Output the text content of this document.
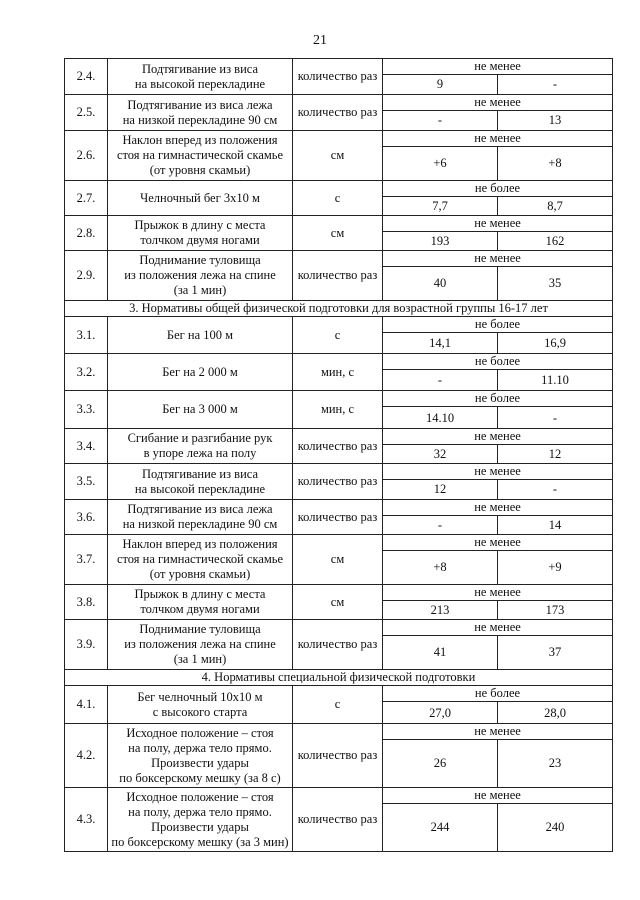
21
2.4.	Подтягивание из виса
на высокой перекладине	количество раз	не менее	
			9	-
2.5.	Подтягивание из виса лежа
на низкой перекладине 90 см	количество раз	не менее	
			-	13
2.6.	Наклон вперед из положения
стоя на гимнастической скамье
(от уровня скамьи)	см	не менее	
			+6	+8
2.7.	Челночный бег 3х10 м	с	не более	
			7,7	8,7
2.8.	Прыжок в длину с места
толчком двумя ногами	см	не менее	
			193	162
2.9.	Поднимание туловища
из положения лежа на спине
(за 1 мин)	количество раз	не менее	
			40	35
3. Нормативы общей физической подготовки для возрастной группы 16-17 лет				
3.1.	Бег на 100 м	с	не более	
			14,1	16,9
3.2.	Бег на 2 000 м	мин, с	не более	
			-	11.10
3.3.	Бег на 3 000 м	мин, с	не более	
			14.10	-
3.4.	Сгибание и разгибание рук
в упоре лежа на полу	количество раз	не менее	
			32	12
3.5.	Подтягивание из виса
на высокой перекладине	количество раз	не менее	
			12	-
3.6.	Подтягивание из виса лежа
на низкой перекладине 90 см	количество раз	не менее	
			-	14
3.7.	Наклон вперед из положения
стоя на гимнастической скамье
(от уровня скамьи)	см	не менее	
			+8	+9
3.8.	Прыжок в длину с места
толчком двумя ногами	см	не менее	
			213	173
3.9.	Поднимание туловища
из положения лежа на спине
(за 1 мин)	количество раз	не менее	
			41	37
4. Нормативы специальной физической подготовки				
4.1.	Бег челночный 10х10 м
с высокого старта	с	не более	
			27,0	28,0
4.2.	Исходное положение – стоя
на полу, держа тело прямо.
Произвести удары
по боксерскому мешку (за 8 с)	количество раз	не менее	
			26	23
4.3.	Исходное положение – стоя
на полу, держа тело прямо.
Произвести удары
по боксерскому мешку (за 3 мин)	количество раз	не менее	
			244	240
